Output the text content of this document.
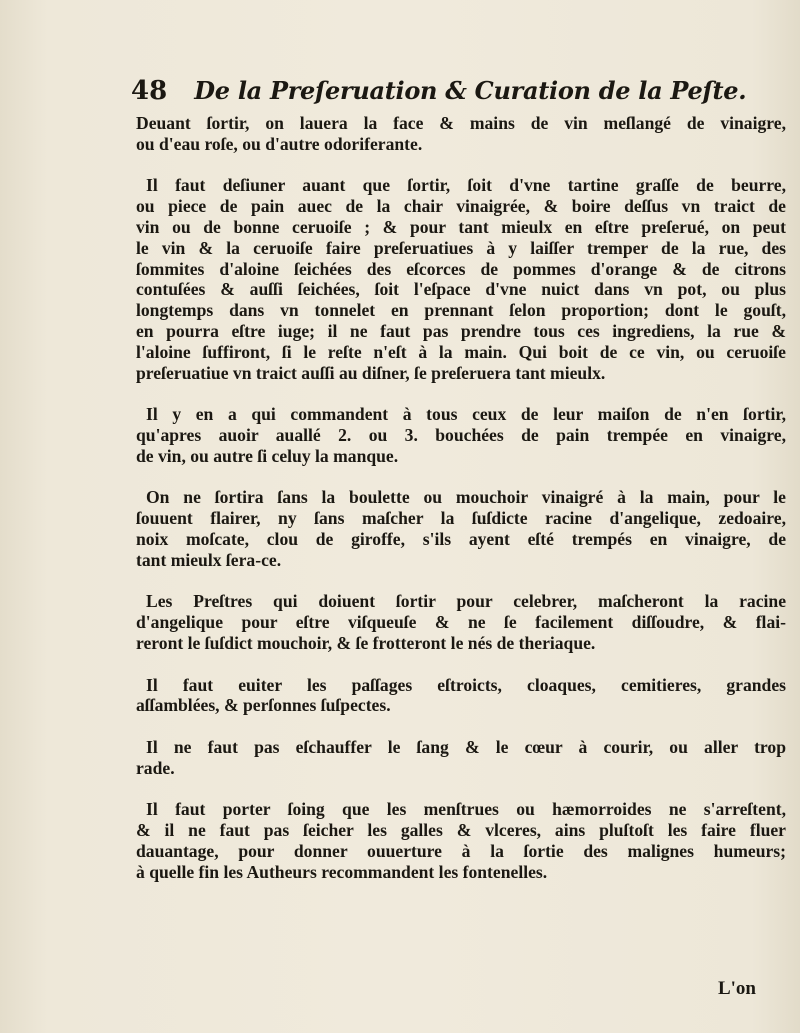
48 De la Preſeruation & Curation de la Peſte.
Deuant ſortir, on lauera la face & mains de vin meſlangé de vinaigre,
ou d'eau roſe, ou d'autre odoriferante.
Il faut deſiuner auant que ſortir, ſoit d'vne tartine graſſe de beurre,
ou piece de pain auec de la chair vinaigrée, & boire deſſus vn traict de
vin ou de bonne ceruoiſe ; & pour tant mieulx en eſtre preſerué, on peut
le vin & la ceruoiſe faire preſeruatiues à y laiſſer tremper de la rue, des
ſommites d'aloine ſeichées des eſcorces de pommes d'orange & de citrons
contuſées & auſſi ſeichées, ſoit l'eſpace d'vne nuict dans vn pot, ou plus
longtemps dans vn tonnelet en prennant ſelon proportion; dont le gouſt,
en pourra eſtre iuge; il ne faut pas prendre tous ces ingrediens, la rue &
l'aloine ſuffiront, ſi le reſte n'eſt à la main. Qui boit de ce vin, ou ceruoiſe
preſeruatiue vn traict auſſi au diſner, ſe preſeruera tant mieulx.
Il y en a qui commandent à tous ceux de leur maiſon de n'en ſortir,
qu'apres auoir auallé 2. ou 3. bouchées de pain trempée en vinaigre,
de vin, ou autre ſi celuy la manque.
On ne ſortira ſans la boulette ou mouchoir vinaigré à la main, pour le
ſouuent flairer, ny ſans maſcher la ſuſdicte racine d'angelique, zedoaire,
noix moſcate, clou de giroffe, s'ils ayent eſté trempés en vinaigre, de
tant mieulx ſera-ce.
Les Preſtres qui doiuent ſortir pour celebrer, maſcheront la racine
d'angelique pour eſtre viſqueuſe & ne ſe facilement diſſoudre, & flai-
reront le ſuſdict mouchoir, & ſe frotteront le nés de theriaque.
Il faut euiter les paſſages eſtroicts, cloaques, cemitieres, grandes
aſſamblées, & perſonnes ſuſpectes.
Il ne faut pas eſchauffer le ſang & le cœur à courir, ou aller trop
rade.
Il faut porter ſoing que les menſtrues ou hæmorroides ne s'arreſtent,
& il ne faut pas ſeicher les galles & vlceres, ains pluſtoſt les faire fluer
dauantage, pour donner ouuerture à la ſortie des malignes humeurs;
à quelle fin les Autheurs recommandent les fontenelles.
L'on
